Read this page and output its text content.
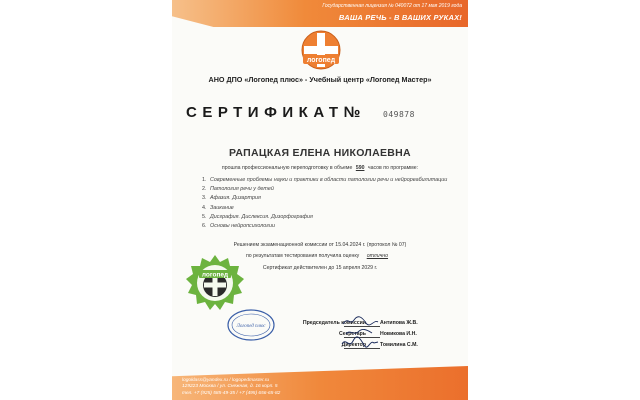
Государственная лицензия № 040072 от 17 мая 2019 года
ВАША РЕЧЬ - В ВАШИХ РУКАХ!
логопед
АНО ДПО «Логопед плюс» - Учебный центр «Логопед Мастер»
СЕРТИФИКАТ№ 049878
РАПАЦКАЯ ЕЛЕНА НИКОЛАЕВНА
прошла профессиональную переподготовку в объеме 590 часов по программе:
1. Современные проблемы науки и практики в области патологии речи и нейрореабилитации
2. Патология речи у детей
3. Афазия. Дизартрия
4. Заикание
5. Дисграфия. Дислексия. Дизорфография
6. Основы нейропсихологии
Решением экзаменационной комиссии от 15.04.2024 г. (протокол № 07)
по результатам тестирования получила оценку отлично
Сертификат действителен до 15 апреля 2029 г.
логопед
Логопед плюс
Председатель комиссии	Антипова Ж.В.
Секретарь	Новикова И.Н.
Директор	Томилина С.М.
logoklass@yandex.ru / logopedmaster.ru
129223 Москва / ул. Снежная, д. 16 корп. 5
тел. +7 (925) 585-49-35 / +7 (495) 656-65-82
